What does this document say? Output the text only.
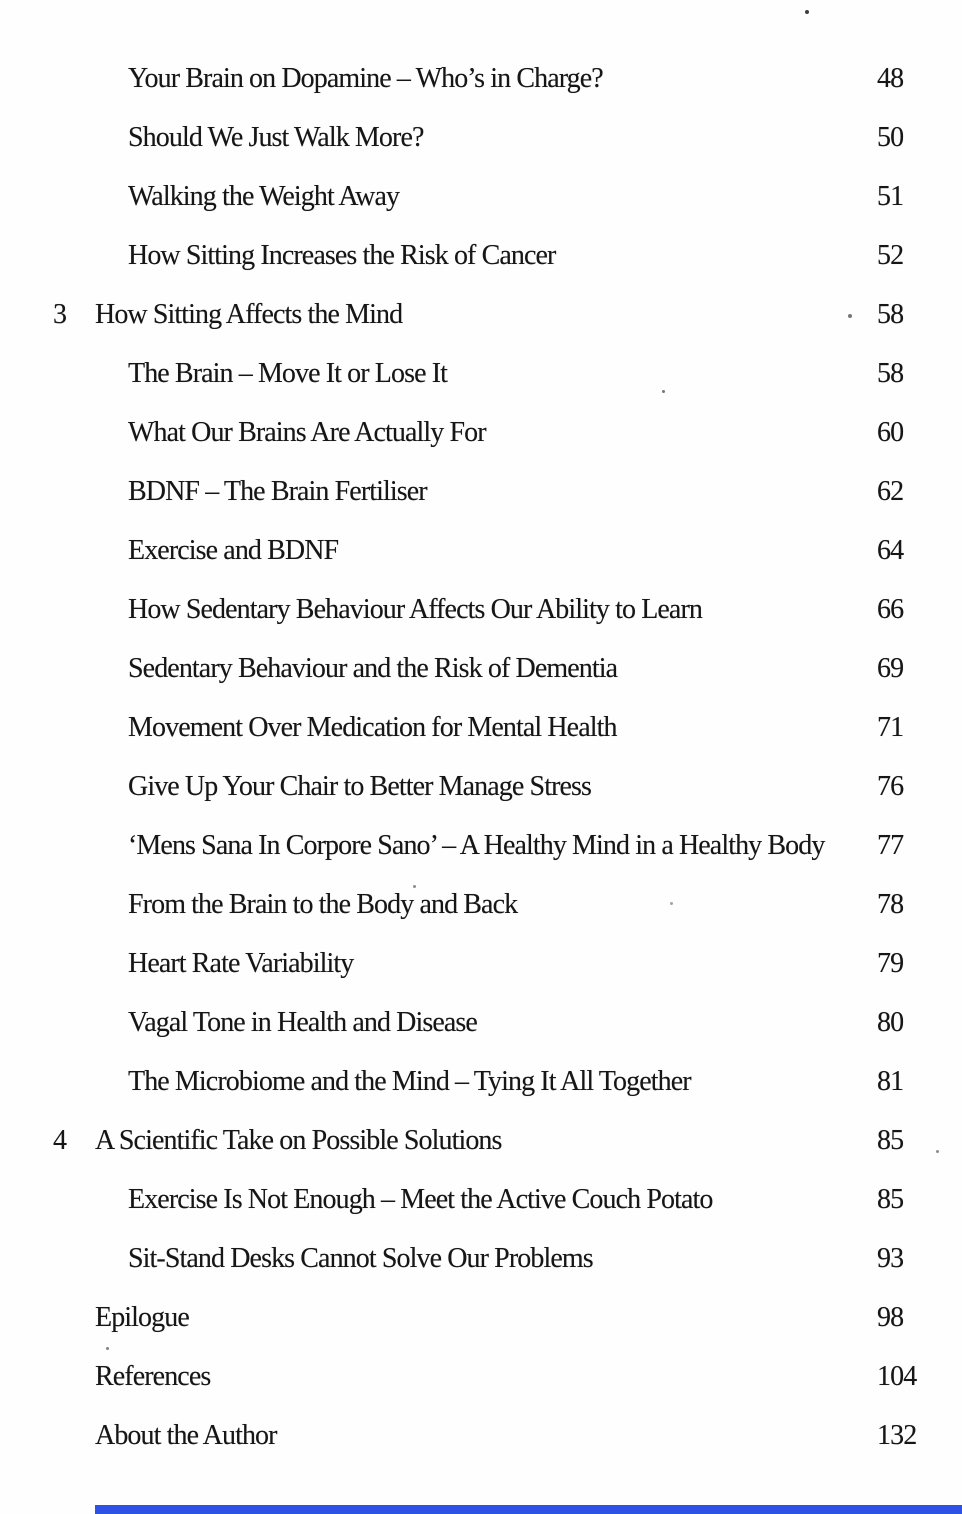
Your Brain on Dopamine – Who’s in Charge?	48
Should We Just Walk More?	50
Walking the Weight Away	51
How Sitting Increases the Risk of Cancer	52
3	How Sitting Affects the Mind	58
The Brain – Move It or Lose It	58
What Our Brains Are Actually For	60
BDNF – The Brain Fertiliser	62
Exercise and BDNF	64
How Sedentary Behaviour Affects Our Ability to Learn	66
Sedentary Behaviour and the Risk of Dementia	69
Movement Over Medication for Mental Health	71
Give Up Your Chair to Better Manage Stress	76
‘Mens Sana In Corpore Sano’ – A Healthy Mind in a Healthy Body	77
From the Brain to the Body and Back	78
Heart Rate Variability	79
Vagal Tone in Health and Disease	80
The Microbiome and the Mind – Tying It All Together	81
4	A Scientific Take on Possible Solutions	85
Exercise Is Not Enough – Meet the Active Couch Potato	85
Sit-Stand Desks Cannot Solve Our Problems	93
Epilogue	98
References	104
About the Author	132
